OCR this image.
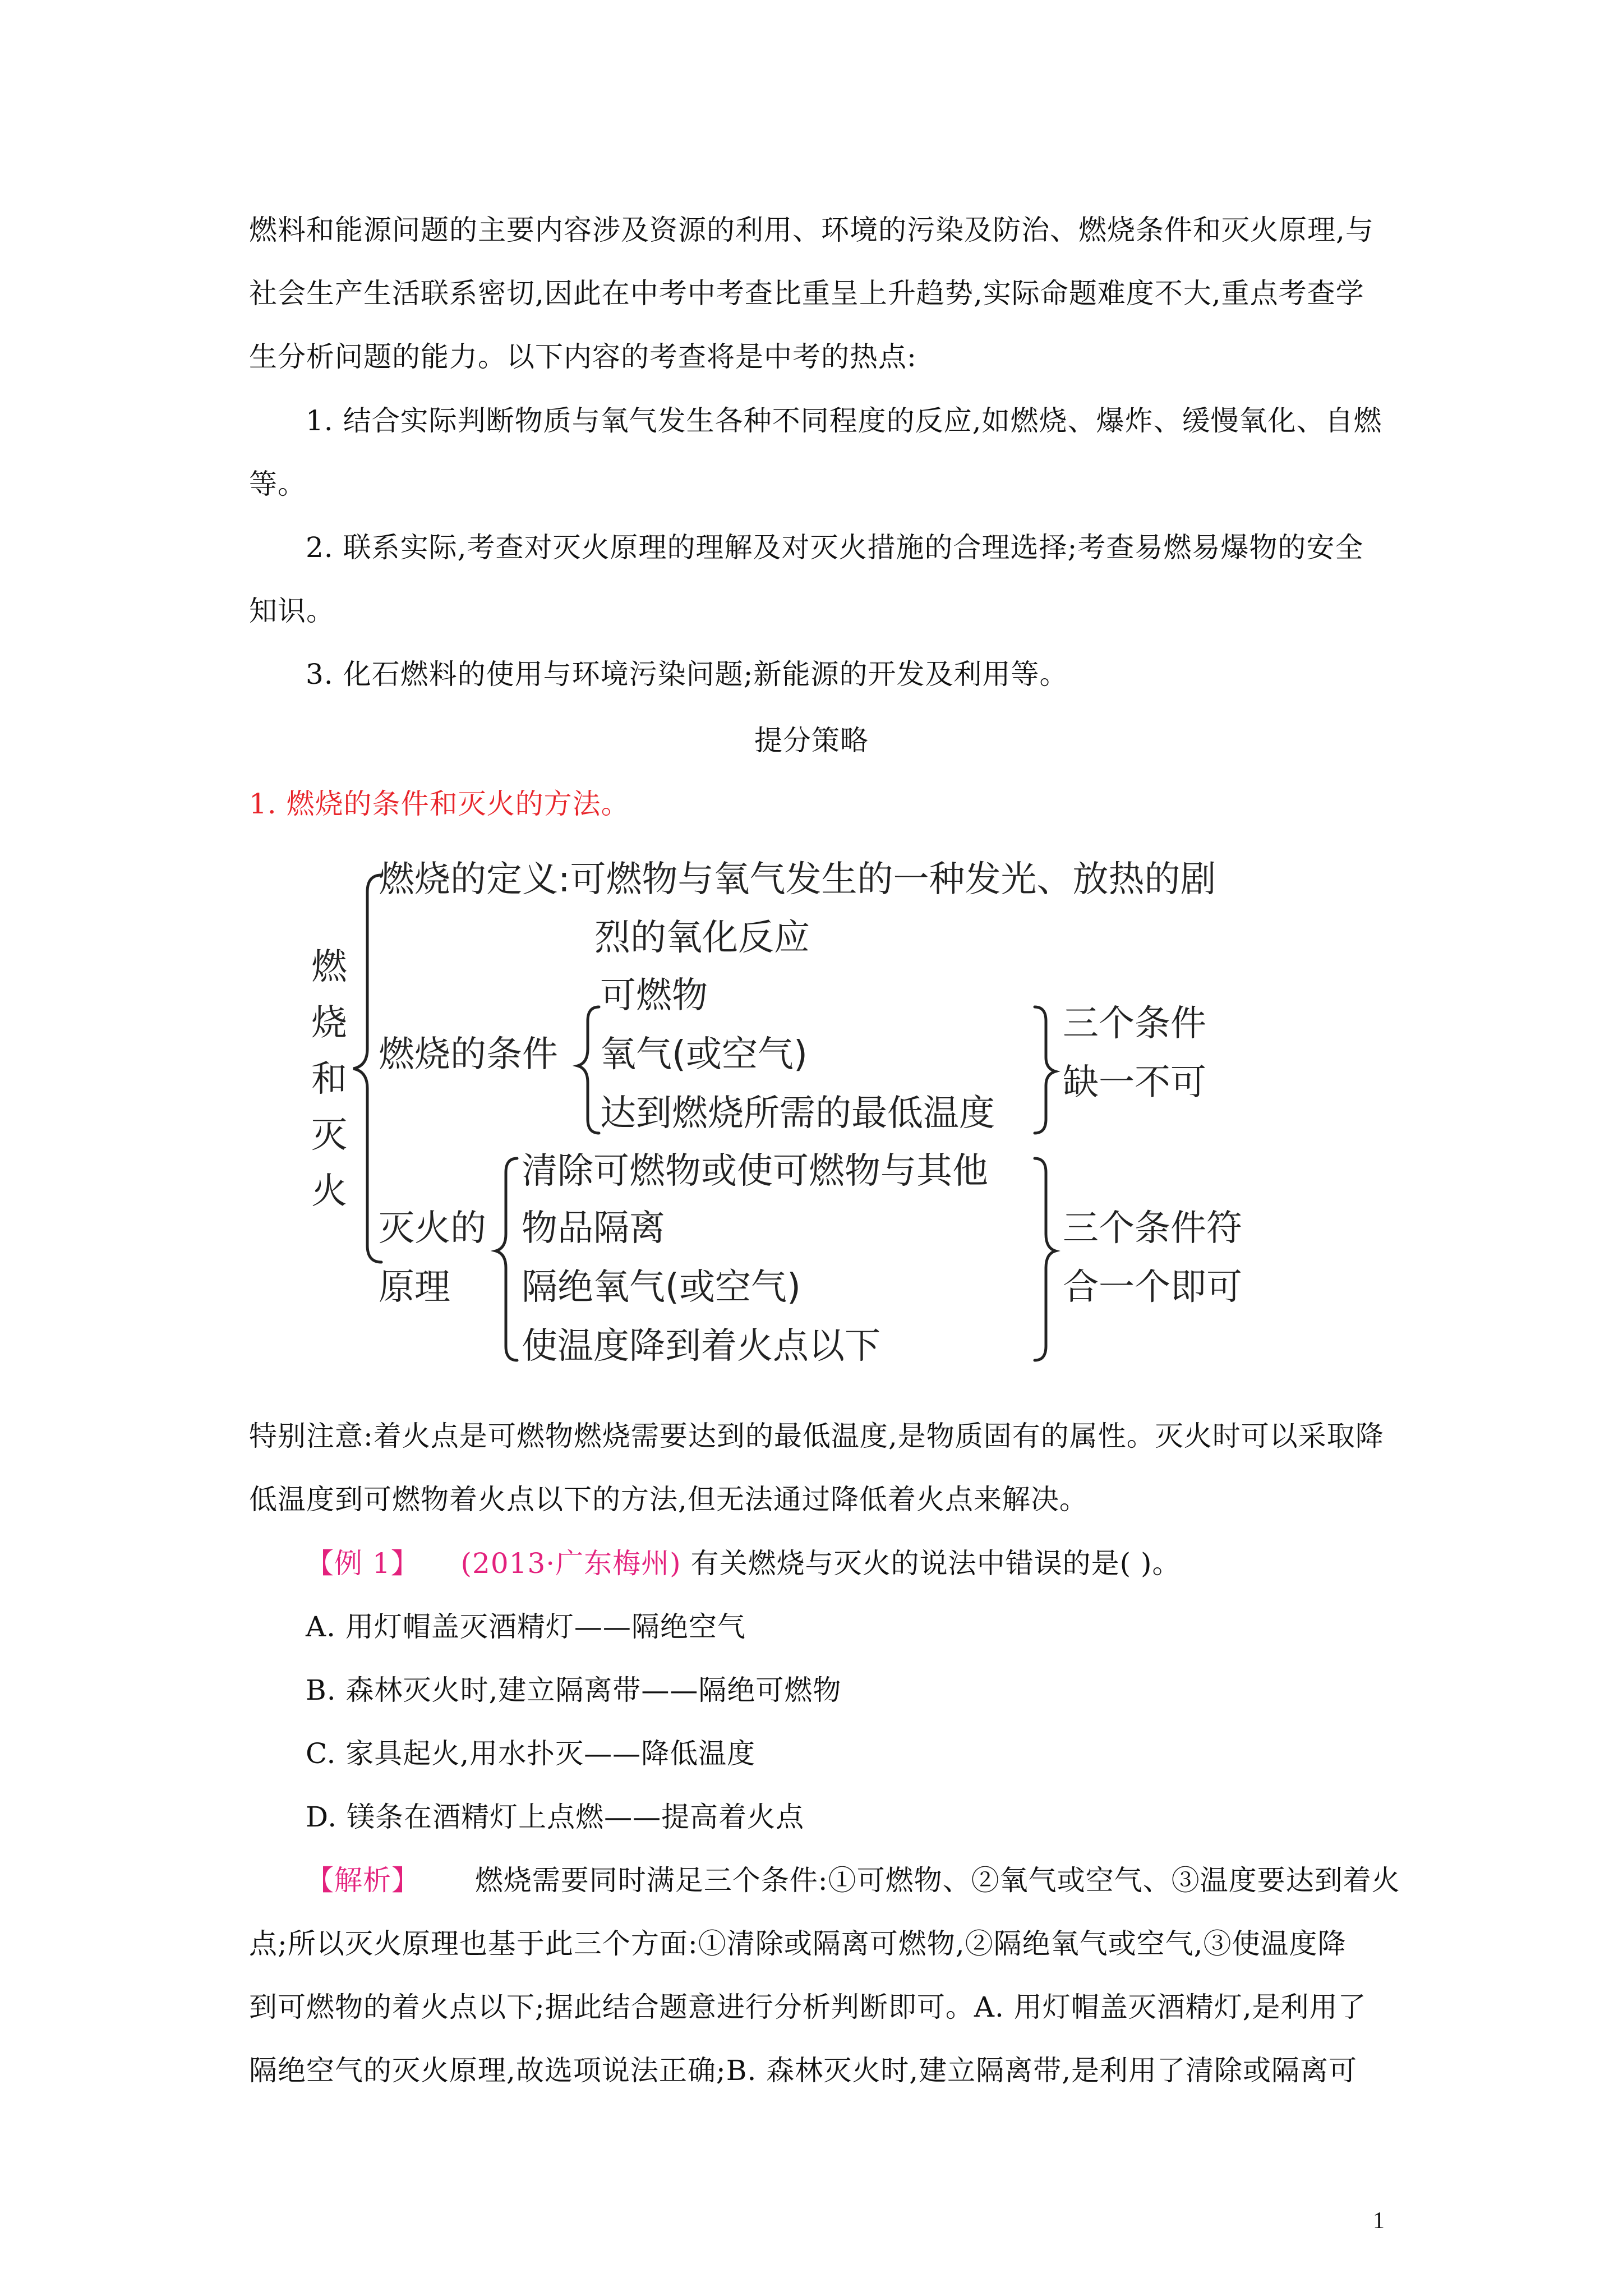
燃料和能源问题的主要内容涉及资源的利用、环境的污染及防治、燃烧条件和灭火原理,与
社会生产生活联系密切,因此在中考中考查比重呈上升趋势,实际命题难度不大,重点考查学
生分析问题的能力。以下内容的考查将是中考的热点:
1. 结合实际判断物质与氧气发生各种不同程度的反应,如燃烧、爆炸、缓慢氧化、自燃
等。
2. 联系实际,考查对灭火原理的理解及对灭火措施的合理选择;考查易燃易爆物的安全
知识。
3. 化石燃料的使用与环境污染问题;新能源的开发及利用等。
提分策略
1. 燃烧的条件和灭火的方法。
燃
烧
和
灭
火
燃烧的定义:可燃物与氧气发生的一种发光、放热的剧
烈的氧化反应
燃烧的条件
可燃物
氧气(或空气)
达到燃烧所需的最低温度
三个条件
缺一不可
灭火的
原理
清除可燃物或使可燃物与其他
物品隔离
隔绝氧气(或空气)
使温度降到着火点以下
三个条件符
合一个即可
特别注意:着火点是可燃物燃烧需要达到的最低温度,是物质固有的属性。灭火时可以采取降
低温度到可燃物着火点以下的方法,但无法通过降低着火点来解决。
【例 1】 (2013·广东梅州) 有关燃烧与灭火的说法中错误的是( )。
A. 用灯帽盖灭酒精灯——隔绝空气
B. 森林灭火时,建立隔离带——隔绝可燃物
C. 家具起火,用水扑灭——降低温度
D. 镁条在酒精灯上点燃——提高着火点
【解析】 燃烧需要同时满足三个条件:①可燃物、②氧气或空气、③温度要达到着火
点;所以灭火原理也基于此三个方面:①清除或隔离可燃物,②隔绝氧气或空气,③使温度降
到可燃物的着火点以下;据此结合题意进行分析判断即可。A. 用灯帽盖灭酒精灯,是利用了
隔绝空气的灭火原理,故选项说法正确;B. 森林灭火时,建立隔离带,是利用了清除或隔离可
1
